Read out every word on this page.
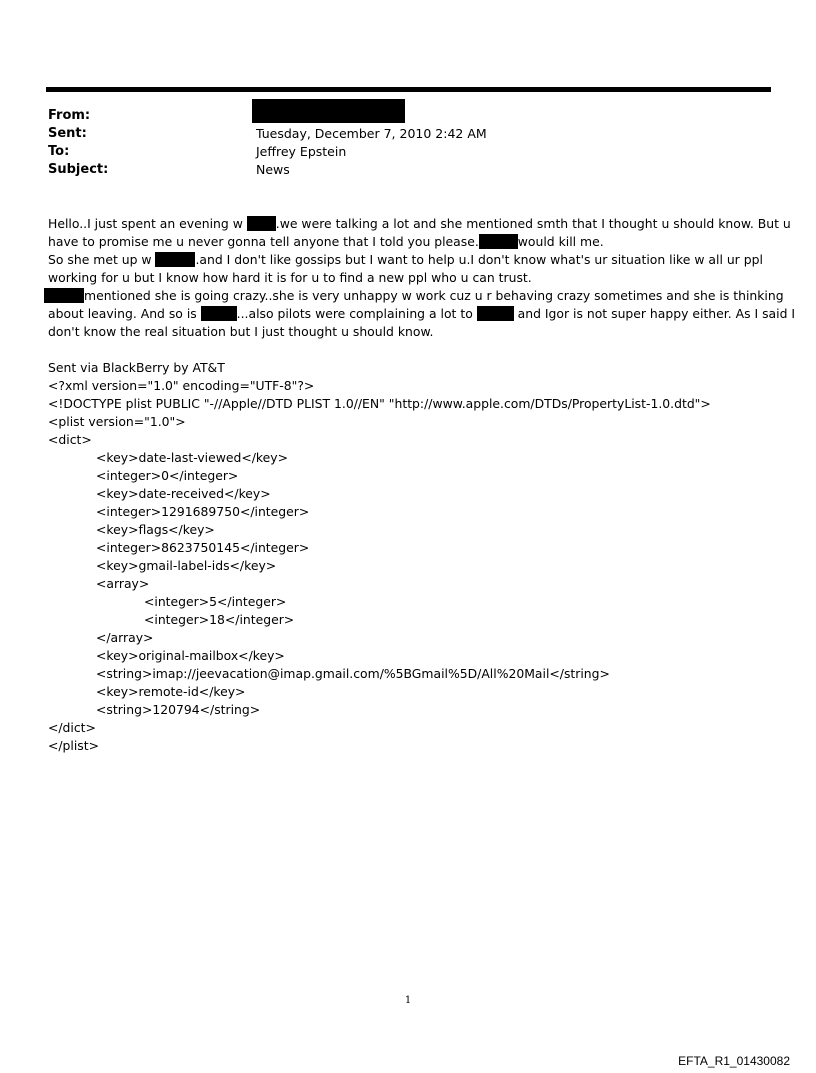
From:
Sent:	Tuesday, December 7, 2010 2:42 AM
To:	Jeffrey Epstein
Subject:	News
Hello..I just spent an evening w .we were talking a lot and she mentioned smth that I thought u should know. But u
have to promise me u never gonna tell anyone that I told you please.	would kill me.
So she met up w	.and I don't like gossips but I want to help u.I don't know what's ur situation like w all ur ppl
working for u but I know how hard it is for u to find a new ppl who u can trust.
mentioned she is going crazy..she is very unhappy w work cuz u r behaving crazy sometimes and she is thinking
about leaving. And so is	...also pilots were complaining a lot to	and Igor is not super happy either. As I said I
don't know the real situation but I just thought u should know.
Sent via BlackBerry by AT&T
<?xml version="1.0" encoding="UTF-8"?>
<!DOCTYPE plist PUBLIC "-//Apple//DTD PLIST 1.0//EN" "http://www.apple.com/DTDs/PropertyList-1.0.dtd">
<plist version="1.0">
<dict>
<key>date-last-viewed</key>
<integer>0</integer>
<key>date-received</key>
<integer>1291689750</integer>
<key>flags</key>
<integer>8623750145</integer>
<key>gmail-label-ids</key>
<array>
<integer>5</integer>
<integer>18</integer>
</array>
<key>original-mailbox</key>
<string>imap://jeevacation@imap.gmail.com/%5BGmail%5D/All%20Mail</string>
<key>remote-id</key>
<string>120794</string>
</dict>
</plist>
1
EFTA_R1_01430082
